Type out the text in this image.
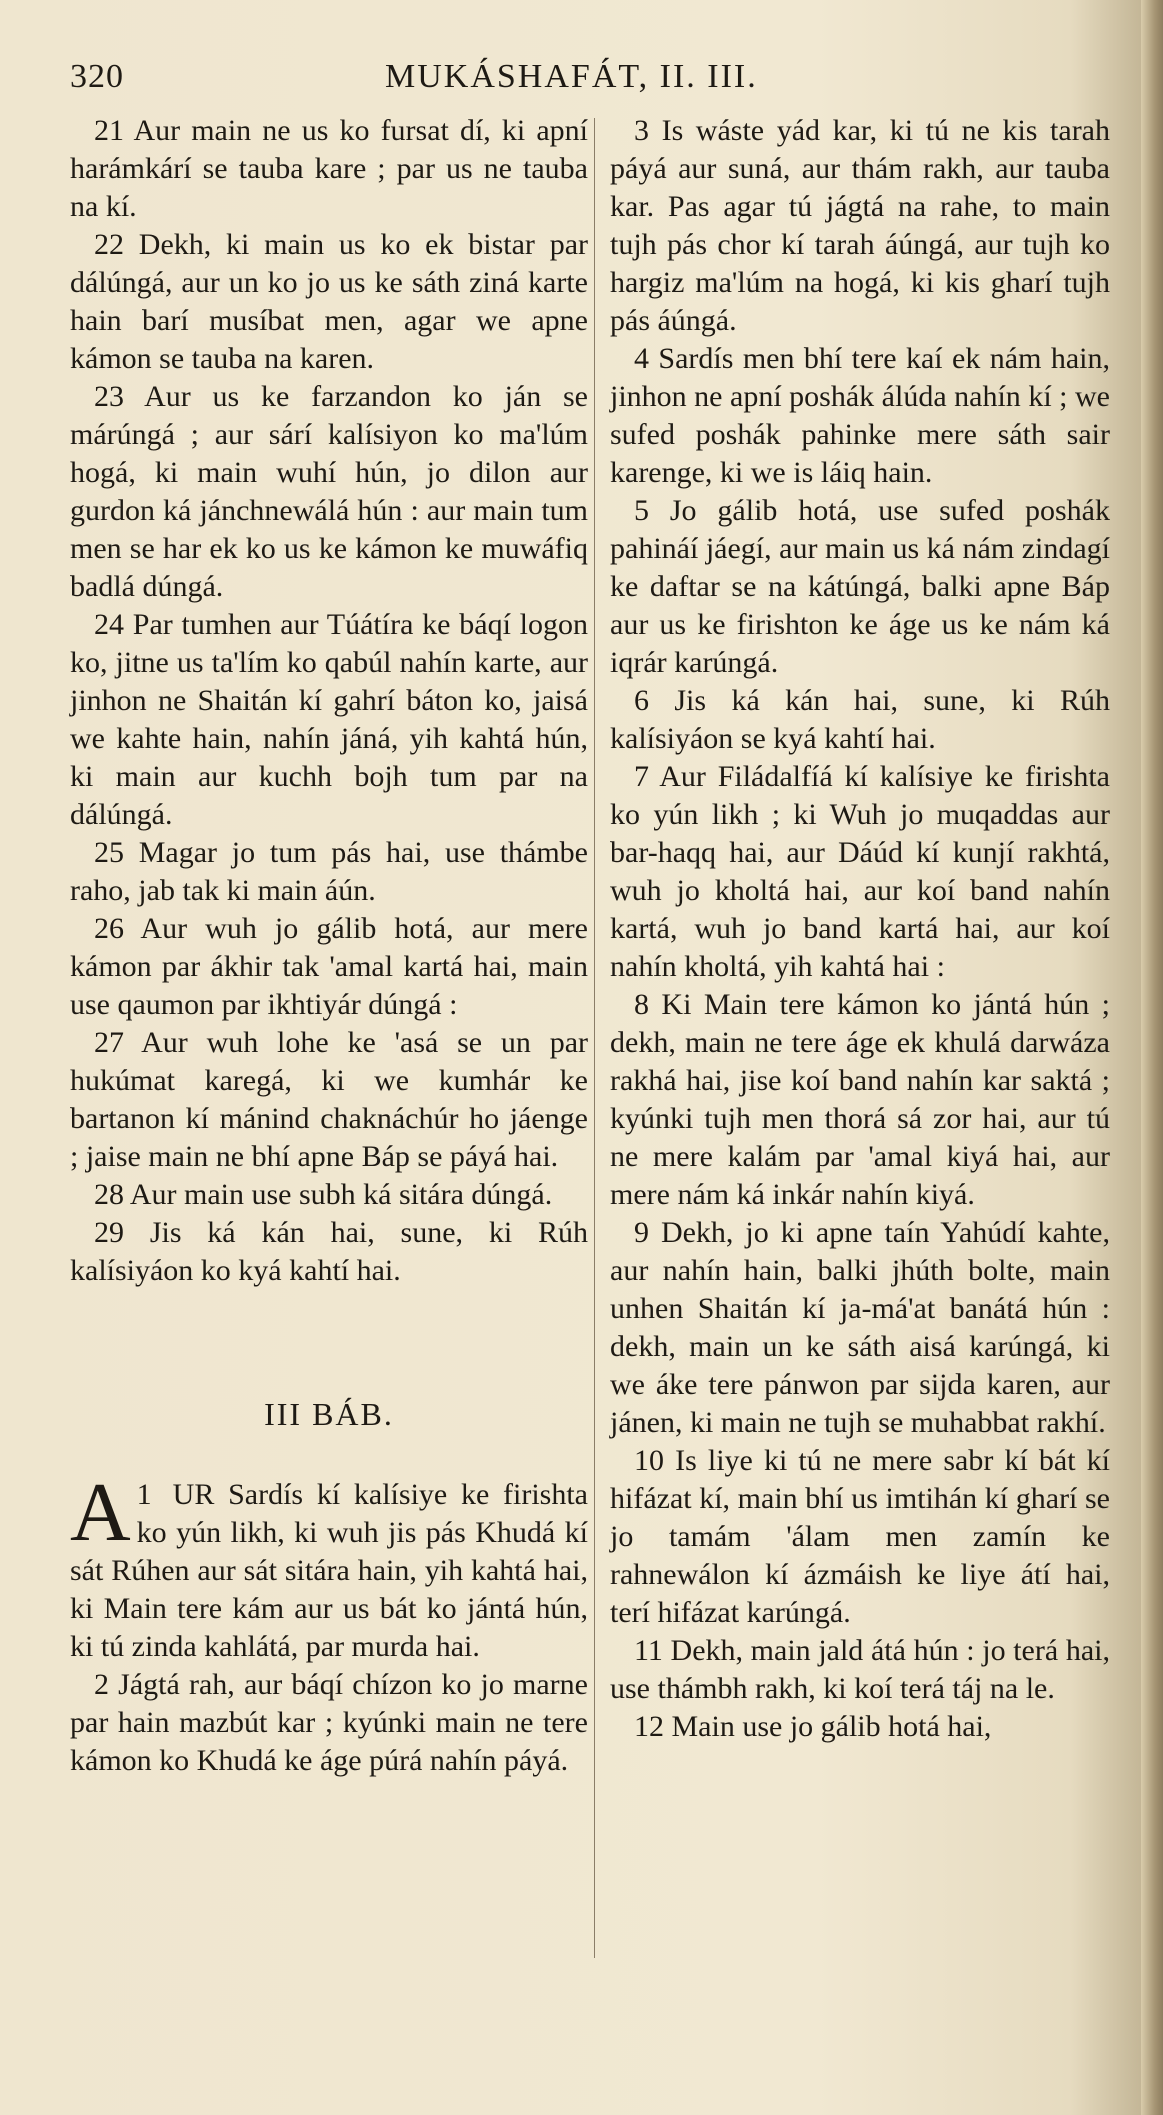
320	MUKÁSHAFÁT, II. III.

21 Aur main ne us ko fursat dí, ki apní harámkárí se tauba kare ; par us ne tauba na kí.

22 Dekh, ki main us ko ek bistar par dálúngá, aur un ko jo us ke sáth ziná karte hain barí musíbat men, agar we apne kámon se tauba na karen.

23 Aur us ke farzandon ko ján se márúngá ; aur sárí kalísiyon ko ma'lúm hogá, ki main wuhí hún, jo dilon aur gurdon ká jánchnewálá hún : aur main tum men se har ek ko us ke kámon ke muwáfiq badlá dúngá.

24 Par tumhen aur Túátíra ke báqí logon ko, jitne us ta'lím ko qabúl nahín karte, aur jinhon ne Shaitán kí gahrí báton ko, jaisá we kahte hain, nahín jáná, yih kahtá hún, ki main aur kuchh bojh tum par na dálúngá.

25 Magar jo tum pás hai, use thámbe raho, jab tak ki main áún.

26 Aur wuh jo gálib hotá, aur mere kámon par ákhir tak 'amal kartá hai, main use qaumon par ikhtiyár dúngá :

27 Aur wuh lohe ke 'asá se un par hukúmat karegá, ki we kumhár ke bartanon kí mánind chaknáchúr ho jáenge ; jaise main ne bhí apne Báp se páyá hai.

28 Aur main use subh ká sitára dúngá.

29 Jis ká kán hai, sune, ki Rúh kalísiyáon ko kyá kahtí hai.

III BÁB.

1
A UR Sardís kí kalísiye ke firishta ko yún likh, ki wuh jis pás Khudá kí sát Rúhen aur sát sitára hain, yih kahtá hai, ki Main tere kám aur us bát ko jántá hún, ki tú zinda kahlátá, par murda hai.

2 Jágtá rah, aur báqí chízon ko jo marne par hain mazbút kar ; kyúnki main ne tere kámon ko Khudá ke áge púrá nahín páyá.

3 Is wáste yád kar, ki tú ne kis tarah páyá aur suná, aur thám rakh, aur tauba kar. Pas agar tú jágtá na rahe, to main tujh pás chor kí tarah áúngá, aur tujh ko hargiz ma'lúm na hogá, ki kis gharí tujh pás áúngá.

4 Sardís men bhí tere kaí ek nám hain, jinhon ne apní poshák álúda nahín kí ; we sufed poshák pahinke mere sáth sair karenge, ki we is láiq hain.

5 Jo gálib hotá, use sufed poshák pahináí jáegí, aur main us ká nám zindagí ke daftar se na kátúngá, balki apne Báp aur us ke firishton ke áge us ke nám ká iqrár karúngá.

6 Jis ká kán hai, sune, ki Rúh kalísiyáon se kyá kahtí hai.

7 Aur Filádalfíá kí kalísiye ke firishta ko yún likh ; ki Wuh jo muqaddas aur bar-haqq hai, aur Dáúd kí kunjí rakhtá, wuh jo kholtá hai, aur koí band nahín kartá, wuh jo band kartá hai, aur koí nahín kholtá, yih kahtá hai :

8 Ki Main tere kámon ko jántá hún ; dekh, main ne tere áge ek khulá darwáza rakhá hai, jise koí band nahín kar saktá ; kyúnki tujh men thorá sá zor hai, aur tú ne mere kalám par 'amal kiyá hai, aur mere nám ká inkár nahín kiyá.

9 Dekh, jo ki apne taín Yahúdí kahte, aur nahín hain, balki jhúth bolte, main unhen Shaitán kí ja-má'at banátá hún : dekh, main un ke sáth aisá karúngá, ki we áke tere pánwon par sijda karen, aur jánen, ki main ne tujh se muhabbat rakhí.

10 Is liye ki tú ne mere sabr kí bát kí hifázat kí, main bhí us imtihán kí gharí se jo tamám 'álam men zamín ke rahnewálon kí ázmáish ke liye átí hai, terí hifázat karúngá.

11 Dekh, main jald átá hún : jo terá hai, use thámbh rakh, ki koí terá táj na le.

12 Main use jo gálib hotá hai,
